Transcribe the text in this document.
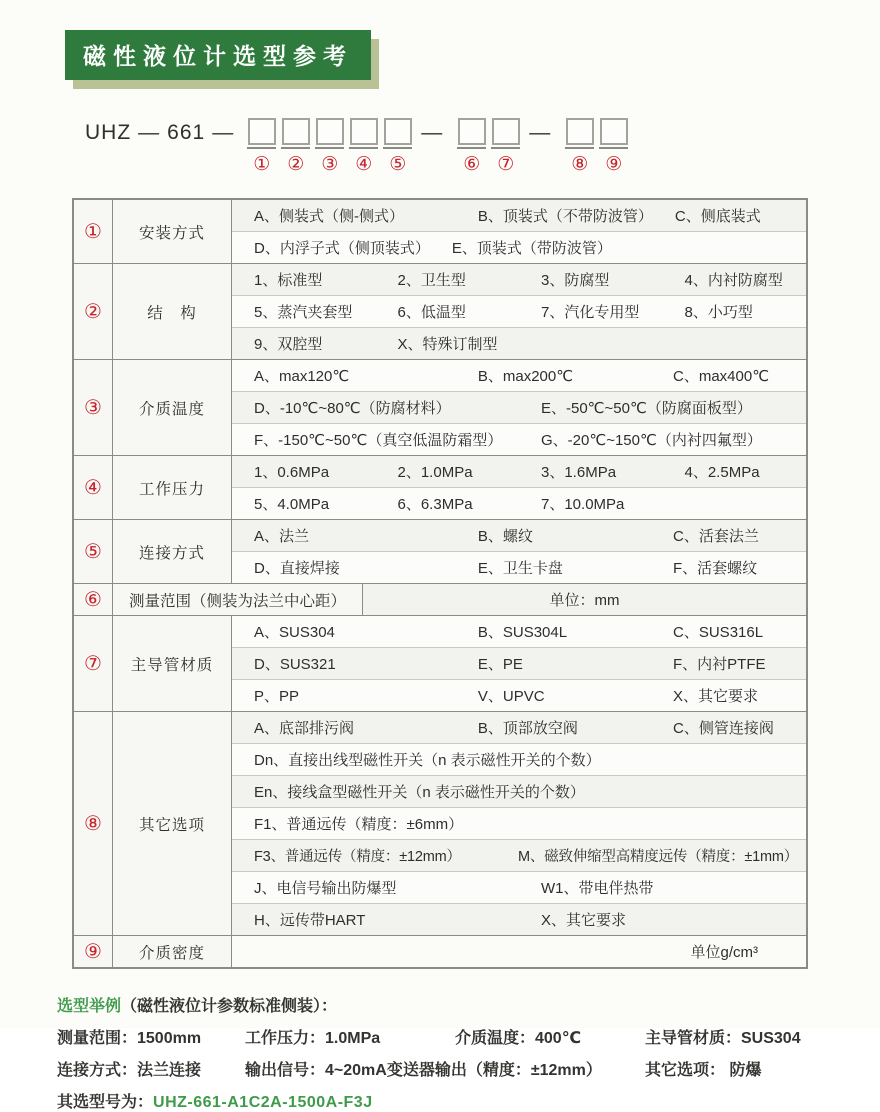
磁性液位计选型参考
UHZ — 661 —
① ② ③ ④ ⑤
—
⑥ ⑦
—
⑧ ⑨
①	安装方式
A、侧装式（侧-侧式）	B、顶装式（不带防波管）	C、侧底装式
D、内浮子式（侧顶装式）	E、顶装式（带防波管）
②	结　构
1、标准型	2、卫生型	3、防腐型	4、内衬防腐型
5、蒸汽夹套型	6、低温型	7、汽化专用型	8、小巧型
9、双腔型	X、特殊订制型
③	介质温度
A、max120℃	B、max200℃	C、max400℃
D、-10℃~80℃（防腐材料）	E、-50℃~50℃（防腐面板型）
F、-150℃~50℃（真空低温防霜型）	G、-20℃~150℃（内衬四氟型）
④	工作压力
1、0.6MPa	2、1.0MPa	3、1.6MPa	4、2.5MPa
5、4.0MPa	6、6.3MPa	7、10.0MPa
⑤	连接方式
A、法兰	B、螺纹	C、活套法兰
D、直接焊接	E、卫生卡盘	F、活套螺纹
⑥	测量范围（侧装为法兰中心距）	单位：mm
⑦	主导管材质
A、SUS304	B、SUS304L	C、SUS316L
D、SUS321	E、PE	F、内衬PTFE
P、PP	V、UPVC	X、其它要求
⑧	其它选项
A、底部排污阀	B、顶部放空阀	C、侧管连接阀
Dn、直接出线型磁性开关（n 表示磁性开关的个数）
En、接线盒型磁性开关（n 表示磁性开关的个数）
F1、普通远传（精度：±6mm）
F3、普通远传（精度：±12mm）	M、磁致伸缩型高精度远传（精度：±1mm）
J、电信号输出防爆型	W1、带电伴热带
H、远传带HART	X、其它要求
⑨	介质密度	单位g/cm³
选型举例（磁性液位计参数标准侧装）：
测量范围：1500mm	工作压力：1.0MPa	介质温度：400℃	主导管材质：SUS304
连接方式：法兰连接	输出信号：4~20mA变送器输出（精度：±12mm）	其它选项： 防爆
其选型号为：UHZ-661-A1C2A-1500A-F3J
